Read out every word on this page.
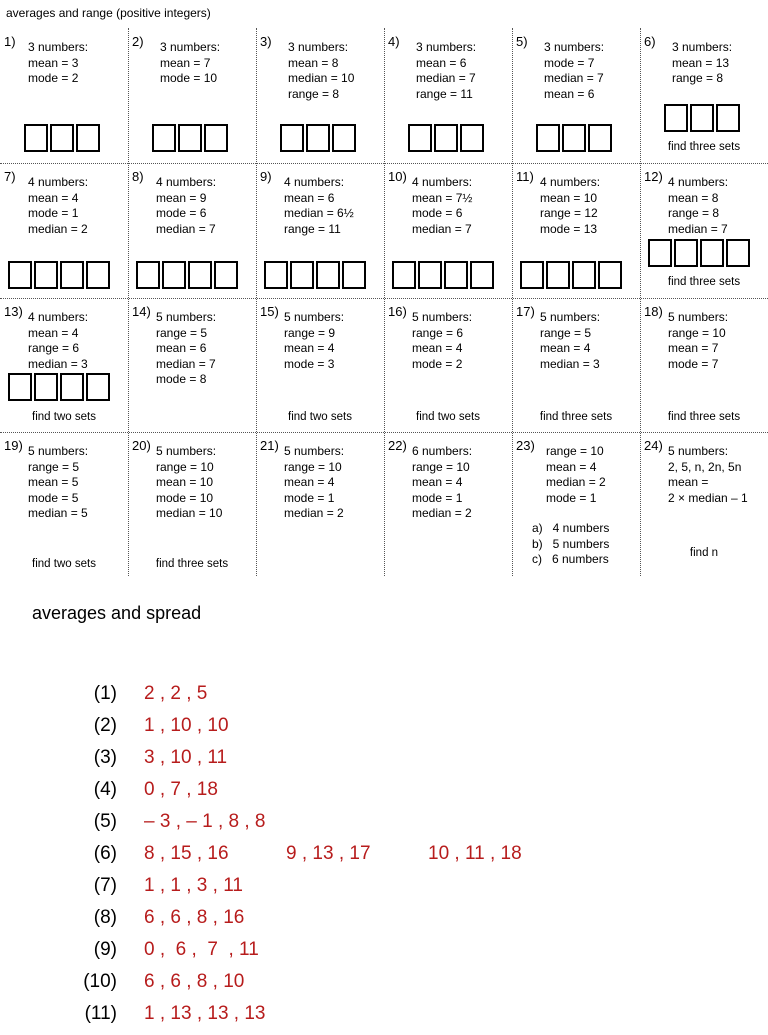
averages and range (positive integers)
1) 3 numbers:
mean = 3
mode = 2
2) 3 numbers:
mean = 7
mode = 10
3) 3 numbers:
mean = 8
median = 10
range = 8
4) 3 numbers:
mean = 6
median = 7
range = 11
5) 3 numbers:
mode = 7
median = 7
mean = 6
6) 3 numbers:
mean = 13
range = 8
find three sets
7) 4 numbers:
mean = 4
mode = 1
median = 2
8) 4 numbers:
mean = 9
mode = 6
median = 7
9) 4 numbers:
mean = 6
median = 6½
range = 11
10) 4 numbers:
mean = 7½
mode = 6
median = 7
11) 4 numbers:
mean = 10
range = 12
mode = 13
12) 4 numbers:
mean = 8
range = 8
median = 7
find three sets
13) 4 numbers:
mean = 4
range = 6
median = 3
find two sets
14) 5 numbers:
range = 5
mean = 6
median = 7
mode = 8
15) 5 numbers:
range = 9
mean = 4
mode = 3
find two sets
16) 5 numbers:
range = 6
mean = 4
mode = 2
find two sets
17) 5 numbers:
range = 5
mean = 4
median = 3
find three sets
18) 5 numbers:
range = 10
mean = 7
mode = 7
find three sets
19) 5 numbers:
range = 5
mean = 5
mode = 5
median = 5
find two sets
20) 5 numbers:
range = 10
mean = 10
mode = 10
median = 10
find three sets
21) 5 numbers:
range = 10
mean = 4
mode = 1
median = 2
22) 6 numbers:
range = 10
mean = 4
mode = 1
median = 2
23) range = 10
mean = 4
median = 2
mode = 1
a)   4 numbers
b)   5 numbers
c)   6 numbers
24) 5 numbers:
2, 5, n, 2n, 5n
mean =
2 × median – 1
find n
averages and spread
(1) 2 , 2 , 5
(2) 1 , 10 , 10
(3) 3 , 10 , 11
(4) 0 , 7 , 18
(5) – 3 , – 1 , 8 , 8
(6) 8 , 15 , 16	9 , 13 , 17	10 , 11 , 18
(7) 1 , 1 , 3 , 11
(8) 6 , 6 , 8 , 16
(9) 0 ,  6 ,  7  , 11
(10) 6 , 6 , 8 , 10
(11) 1 , 13 , 13 , 13
